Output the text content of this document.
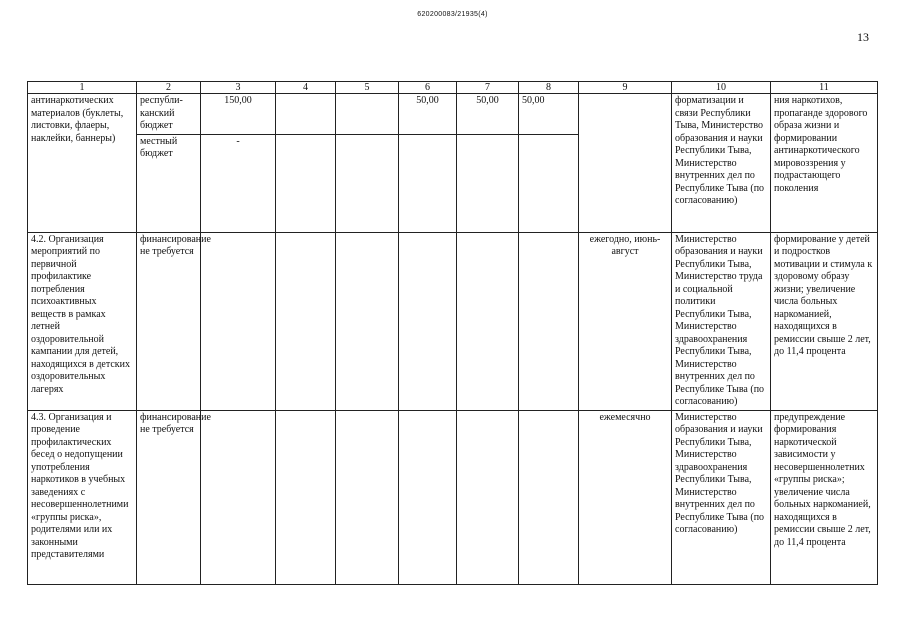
620200083/21935(4)
13
1	2	3	4	5	6	7	8	9	10	11
антинаркотических материалов (буклеты, листовки, флаеры, наклейки, баннеры)	республи-канский бюджет	150,00			50,00	50,00	50,00		форматизации и связи Республики Тыва, Министерство образования и науки Республики Тыва, Министерство внутренних дел по Республике Тыва (по согласованию)	ния наркотихов, пропаганде здорового образа жизни и формировании антинаркотического мировоззрения у подрастающего поколения
	местный бюджет	-								
4.2. Организация мероприятий по первичной профилактике потребления психоактивных веществ в рамках летней оздоровительной кампании для детей, находящихся в детских оздоровительных лагерях	финансирование не требуется							ежегодно, июнь-август	Министерство образования и науки Республики Тыва, Министерство труда и социальной политики Республики Тыва, Министерство здравоохранения Республики Тыва, Министерство внутренних дел по Республике Тыва (по согласованию)	формирование у детей и подростков мотивации и стимула к здоровому образу жизни; увеличение числа больных наркоманией, находящихся в ремиссии свыше 2 лет, до 11,4 процента
4.3. Организация и проведение профилактических бесед о недопущении употребления наркотиков в учебных заведениях с несовершеннолетними «группы риска», родителями или их законными представителями	финансирование не требуется							ежемесячно	Министерство образования и иауки Республики Тыва, Министерство здравоохранения Республики Тыва, Министерство внутренних дел по Республике Тыва (по согласованию)	предупреждение формирования наркотической зависимости у несовершеннолетних «группы риска»; увеличение числа больных наркоманией, находящихся в ремиссии свыше 2 лет, до 11,4 процента
